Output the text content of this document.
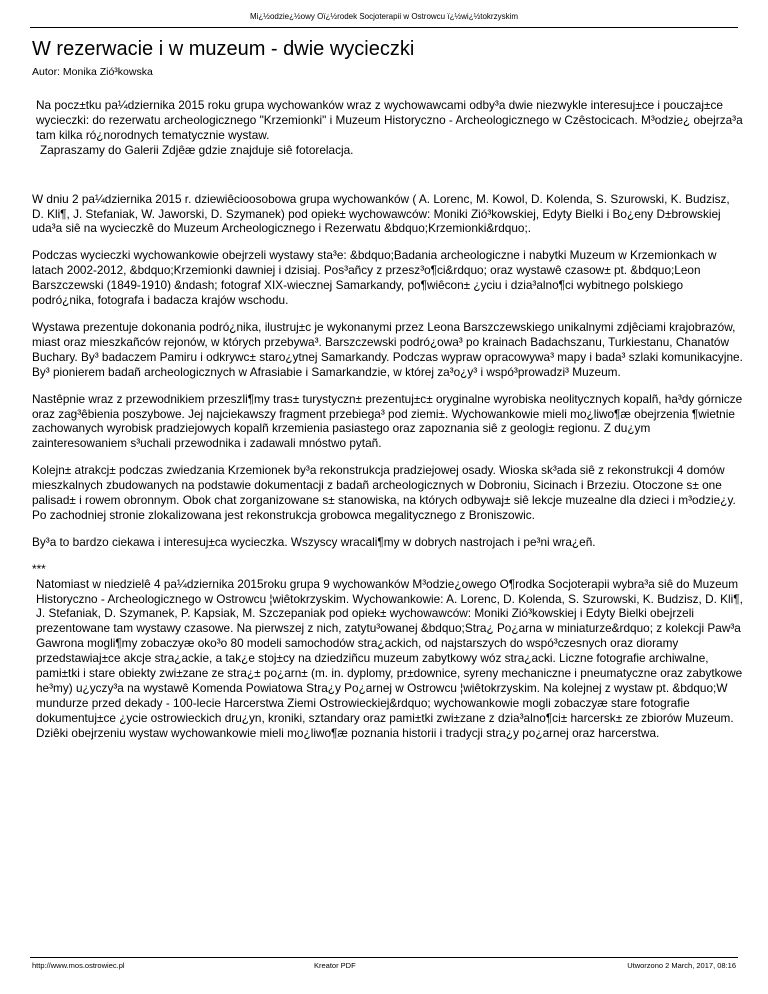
Mi¿½odzie¿½owy Oï¿½rodek Socjoterapii w Ostrowcu ï¿½wi¿½tokrzyskim
W rezerwacie i w muzeum - dwie wycieczki
Autor: Monika Zió³kowska

Na pocz±tku pa¼dziernika 2015 roku grupa wychowanków wraz z wychowawcami odby³a dwie niezwykle interesuj±ce i pouczaj±ce wycieczki: do rezerwatu archeologicznego "Krzemionki" i Muzeum Historyczno - Archeologicznego w Czêstocicach. M³odzie¿ obejrza³a tam kilka ró¿norodnych tematycznie wystaw.

Zapraszamy do Galerii Zdjêæ gdzie znajduje siê fotorelacja.

W dniu 2 pa¼dziernika 2015 r. dziewiêcioosobowa grupa wychowanków ( A. Lorenc, M. Kowol, D. Kolenda, S. Szurowski, K. Budzisz, D. Kli¶, J. Stefaniak, W. Jaworski, D. Szymanek) pod opiek± wychowawców: Moniki Zió³kowskiej, Edyty Bielki i Bo¿eny D±browskiej uda³a siê na wycieczkê do Muzeum Archeologicznego i Rezerwatu &bdquo;Krzemionki&rdquo;.

Podczas wycieczki wychowankowie obejrzeli wystawy sta³e: &bdquo;Badania archeologiczne i nabytki Muzeum w Krzemionkach w latach 2002-2012, &bdquo;Krzemionki dawniej i dzisiaj. Pos³añcy z przesz³o¶ci&rdquo; oraz wystawê czasow± pt. &bdquo;Leon Barszczewski (1849-1910) &ndash; fotograf XIX-wiecznej Samarkandy, po¶wiêcon± ¿yciu i dzia³alno¶ci wybitnego polskiego podró¿nika, fotografa i badacza krajów wschodu.

Wystawa prezentuje dokonania podró¿nika, ilustruj±c je wykonanymi przez Leona Barszczewskiego unikalnymi zdjêciami krajobrazów, miast oraz mieszkañców rejonów, w których przebywa³. Barszczewski podró¿owa³ po krainach Badachszanu, Turkiestanu, Chanatów Buchary. By³ badaczem Pamiru i odkrywc± staro¿ytnej Samarkandy. Podczas wypraw opracowywa³ mapy i bada³ szlaki komunikacyjne. By³ pionierem badañ archeologicznych w Afrasiabie i Samarkandzie, w której za³o¿y³ i wspó³prowadzi³ Muzeum.

Nastêpnie wraz z przewodnikiem przeszli¶my tras± turystyczn± prezentuj±c± oryginalne wyrobiska neolitycznych kopalñ, ha³dy górnicze oraz zag³êbienia poszybowe. Jej najciekawszy fragment przebiega³ pod ziemi±. Wychowankowie mieli mo¿liwo¶æ obejrzenia ¶wietnie zachowanych wyrobisk pradziejowych kopalñ krzemienia pasiastego oraz zapoznania siê z geologi± regionu. Z du¿ym zainteresowaniem s³uchali przewodnika i zadawali mnóstwo pytañ.

Kolejn± atrakcj± podczas zwiedzania Krzemionek by³a rekonstrukcja pradziejowej osady. Wioska sk³ada siê z rekonstrukcji 4 domów mieszkalnych zbudowanych na podstawie dokumentacji z badañ archeologicznych w Dobroniu, Sicinach i Brzeziu. Otoczone s± one palisad± i rowem obronnym. Obok chat zorganizowane s± stanowiska, na których odbywaj± siê lekcje muzealne dla dzieci i m³odzie¿y. Po zachodniej stronie zlokalizowana jest rekonstrukcja grobowca megalitycznego z Broniszowic.

By³a to bardzo ciekawa i interesuj±ca wycieczka. Wszyscy wracali¶my w dobrych nastrojach i pe³ni wra¿eñ.

***

Natomiast w niedzielê 4 pa¼dziernika 2015roku grupa 9 wychowanków M³odzie¿owego O¶rodka Socjoterapii wybra³a siê do Muzeum Historyczno - Archeologicznego w Ostrowcu ¦wiêtokrzyskim. Wychowankowie: A. Lorenc, D. Kolenda, S. Szurowski, K. Budzisz, D. Kli¶, J. Stefaniak, D. Szymanek, P. Kapsiak, M. Szczepaniak pod opiek± wychowawców: Moniki Zió³kowskiej i Edyty Bielki obejrzeli prezentowane tam wystawy czasowe. Na pierwszej z nich, zatytu³owanej &bdquo;Stra¿ Po¿arna w miniaturze&rdquo; z kolekcji Paw³a Gawrona mogli¶my zobaczyæ oko³o 80 modeli samochodów stra¿ackich, od najstarszych do wspó³czesnych oraz dioramy przedstawiaj±ce akcje stra¿ackie, a tak¿e stoj±cy na dziedziñcu muzeum zabytkowy wóz stra¿acki. Liczne fotografie archiwalne, pami±tki i stare obiekty zwi±zane ze stra¿± po¿arn± (m. in. dyplomy, pr±downice, syreny mechaniczne i pneumatyczne oraz zabytkowe he³my) u¿yczy³a na wystawê Komenda Powiatowa Stra¿y Po¿arnej w Ostrowcu ¦wiêtokrzyskim. Na kolejnej z wystaw pt. &bdquo;W mundurze przed dekady - 100-lecie Harcerstwa Ziemi Ostrowieckiej&rdquo; wychowankowie mogli zobaczyæ stare fotografie dokumentuj±ce ¿ycie ostrowieckich dru¿yn, kroniki, sztandary oraz pami±tki zwi±zane z dzia³alno¶ci± harcersk± ze zbiorów Muzeum. Dziêki obejrzeniu wystaw wychowankowie mieli mo¿liwo¶æ poznania historii i tradycji stra¿y po¿arnej oraz harcerstwa.

http://www.mos.ostrowiec.pl	Kreator PDF	Utworzono 2 March, 2017, 08:16
